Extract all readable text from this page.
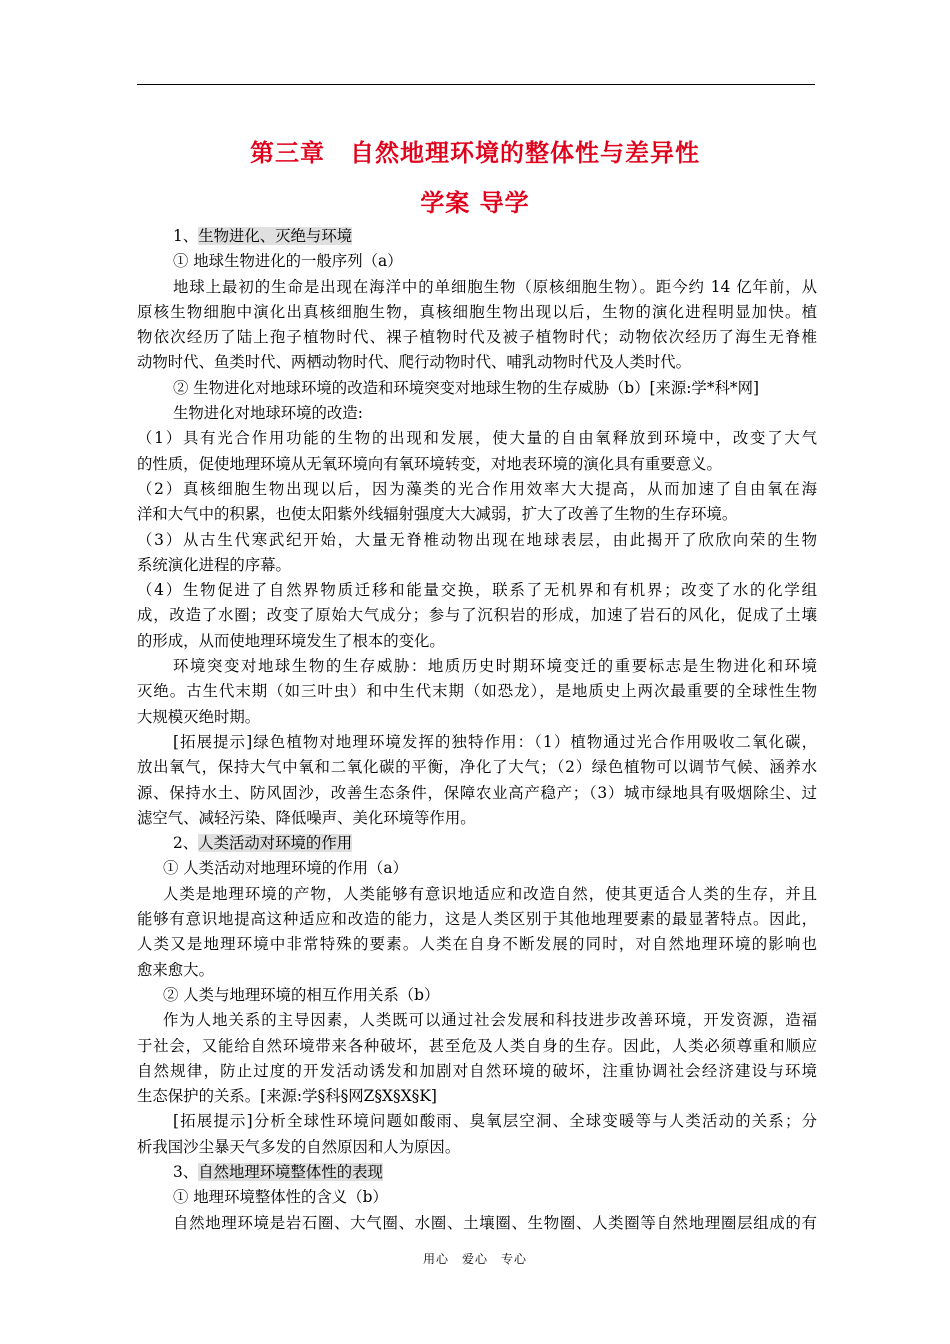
第三章　自然地理环境的整体性与差异性
学案 导学
1、生物进化、灭绝与环境
① 地球生物进化的一般序列（a）
地球上最初的生命是出现在海洋中的单细胞生物（原核细胞生物）。距今约 14 亿年前，从
原核生物细胞中演化出真核细胞生物，真核细胞生物出现以后，生物的演化进程明显加快。植
物依次经历了陆上孢子植物时代、裸子植物时代及被子植物时代；动物依次经历了海生无脊椎
动物时代、鱼类时代、两栖动物时代、爬行动物时代、哺乳动物时代及人类时代。
② 生物进化对地球环境的改造和环境突变对地球生物的生存威胁（b）[来源:学*科*网]
生物进化对地球环境的改造:
（1）具有光合作用功能的生物的出现和发展，使大量的自由氧释放到环境中，改变了大气
的性质，促使地理环境从无氧环境向有氧环境转变，对地表环境的演化具有重要意义。
（2）真核细胞生物出现以后，因为藻类的光合作用效率大大提高，从而加速了自由氧在海
洋和大气中的积累，也使太阳紫外线辐射强度大大减弱，扩大了改善了生物的生存环境。
（3）从古生代寒武纪开始，大量无脊椎动物出现在地球表层，由此揭开了欣欣向荣的生物
系统演化进程的序幕。
（4）生物促进了自然界物质迁移和能量交换，联系了无机界和有机界；改变了水的化学组
成，改造了水圈；改变了原始大气成分；参与了沉积岩的形成，加速了岩石的风化，促成了土壤
的形成，从而使地理环境发生了根本的变化。
环境突变对地球生物的生存威胁：地质历史时期环境变迁的重要标志是生物进化和环境
灭绝。古生代末期（如三叶虫）和中生代末期（如恐龙），是地质史上两次最重要的全球性生物
大规模灭绝时期。
[拓展提示]绿色植物对地理环境发挥的独特作用：（1）植物通过光合作用吸收二氧化碳，
放出氧气，保持大气中氧和二氧化碳的平衡，净化了大气；（2）绿色植物可以调节气候、涵养水
源、保持水土、防风固沙，改善生态条件，保障农业高产稳产；（3）城市绿地具有吸烟除尘、过
滤空气、减轻污染、降低噪声、美化环境等作用。
2、人类活动对环境的作用
① 人类活动对地理环境的作用（a）
人类是地理环境的产物，人类能够有意识地适应和改造自然，使其更适合人类的生存，并且
能够有意识地提高这种适应和改造的能力，这是人类区别于其他地理要素的最显著特点。因此，
人类又是地理环境中非常特殊的要素。人类在自身不断发展的同时，对自然地理环境的影响也
愈来愈大。
② 人类与地理环境的相互作用关系（b）
作为人地关系的主导因素，人类既可以通过社会发展和科技进步改善环境，开发资源，造福
于社会，又能给自然环境带来各种破坏，甚至危及人类自身的生存。因此，人类必须尊重和顺应
自然规律，防止过度的开发活动诱发和加剧对自然环境的破坏，注重协调社会经济建设与环境
生态保护的关系。[来源:学§科§网Z§X§X§K]
[拓展提示]分析全球性环境问题如酸雨、臭氧层空洞、全球变暖等与人类活动的关系；分
析我国沙尘暴天气多发的自然原因和人为原因。
3、自然地理环境整体性的表现
① 地理环境整体性的含义（b）
自然地理环境是岩石圈、大气圈、水圈、土壤圈、生物圈、人类圈等自然地理圈层组成的有
用心　爱心　专心
